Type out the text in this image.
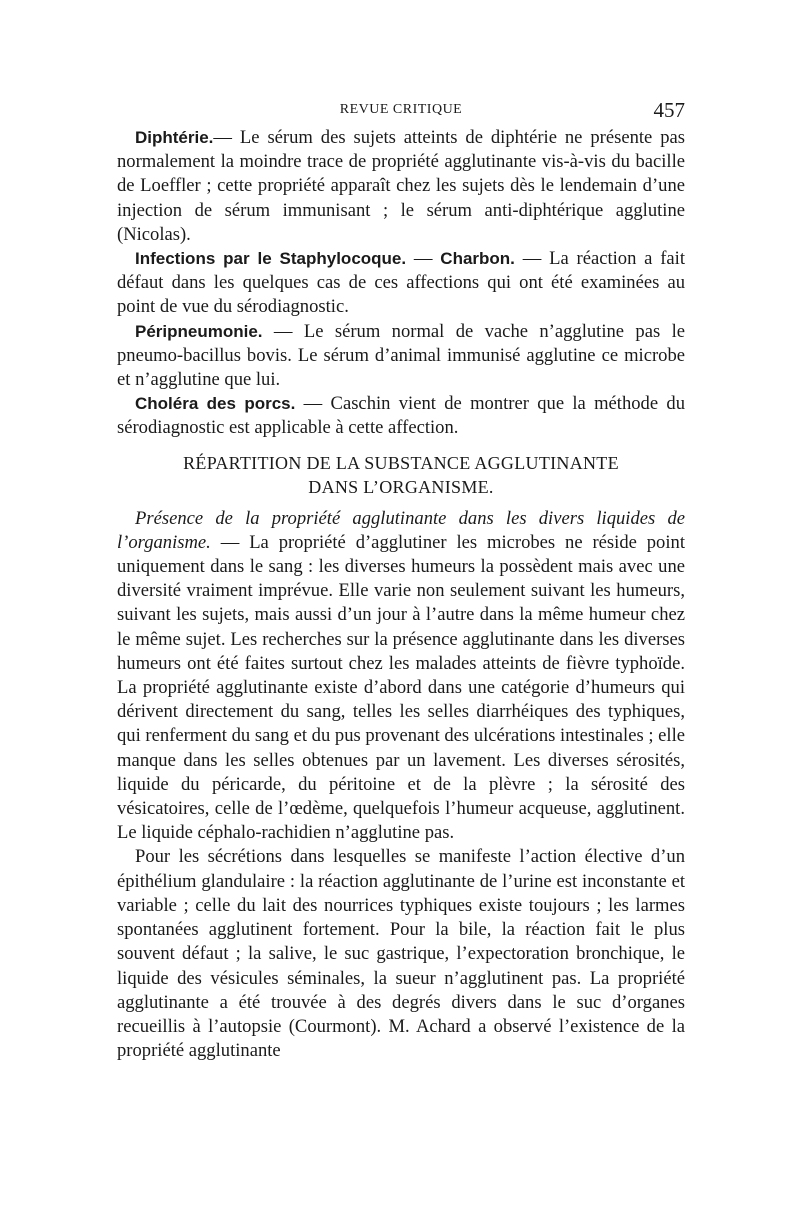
REVUE CRITIQUE	457

Diphtérie.— Le sérum des sujets atteints de diphtérie ne présente pas normalement la moindre trace de propriété agglutinante vis-à-vis du bacille de Loeffler ; cette propriété apparaît chez les sujets dès le lendemain d’une injection de sérum immunisant ; le sérum anti-diphtérique agglutine (Nicolas).

Infections par le Staphylocoque. — Charbon. — La réaction a fait défaut dans les quelques cas de ces affections qui ont été examinées au point de vue du sérodiagnostic.

Péripneumonie. — Le sérum normal de vache n’agglutine pas le pneumo-bacillus bovis. Le sérum d’animal immunisé agglutine ce microbe et n’agglutine que lui.

Choléra des porcs. — Caschin vient de montrer que la méthode du sérodiagnostic est applicable à cette affection.

RÉPARTITION DE LA SUBSTANCE AGGLUTINANTE
DANS L’ORGANISME.

Présence de la propriété agglutinante dans les divers liquides de l’organisme. — La propriété d’agglutiner les microbes ne réside point uniquement dans le sang : les diverses humeurs la possèdent mais avec une diversité vraiment imprévue. Elle varie non seulement suivant les humeurs, suivant les sujets, mais aussi d’un jour à l’autre dans la même humeur chez le même sujet. Les recherches sur la présence agglutinante dans les diverses humeurs ont été faites surtout chez les malades atteints de fièvre typhoïde. La propriété agglutinante existe d’abord dans une catégorie d’humeurs qui dérivent directement du sang, telles les selles diarrhéiques des typhiques, qui renferment du sang et du pus provenant des ulcérations intestinales ; elle manque dans les selles obtenues par un lavement. Les diverses sérosités, liquide du péricarde, du péritoine et de la plèvre ; la sérosité des vésicatoires, celle de l’œdème, quelquefois l’humeur acqueuse, agglutinent. Le liquide céphalo-rachidien n’agglutine pas.

Pour les sécrétions dans lesquelles se manifeste l’action élective d’un épithélium glandulaire : la réaction agglutinante de l’urine est inconstante et variable ; celle du lait des nourrices typhiques existe toujours ; les larmes spontanées agglutinent fortement. Pour la bile, la réaction fait le plus souvent défaut ; la salive, le suc gastrique, l’expectoration bronchique, le liquide des vésicules séminales, la sueur n’agglutinent pas. La propriété agglutinante a été trouvée à des degrés divers dans le suc d’organes recueillis à l’autopsie (Courmont). M. Achard a observé l’existence de la propriété agglutinante
